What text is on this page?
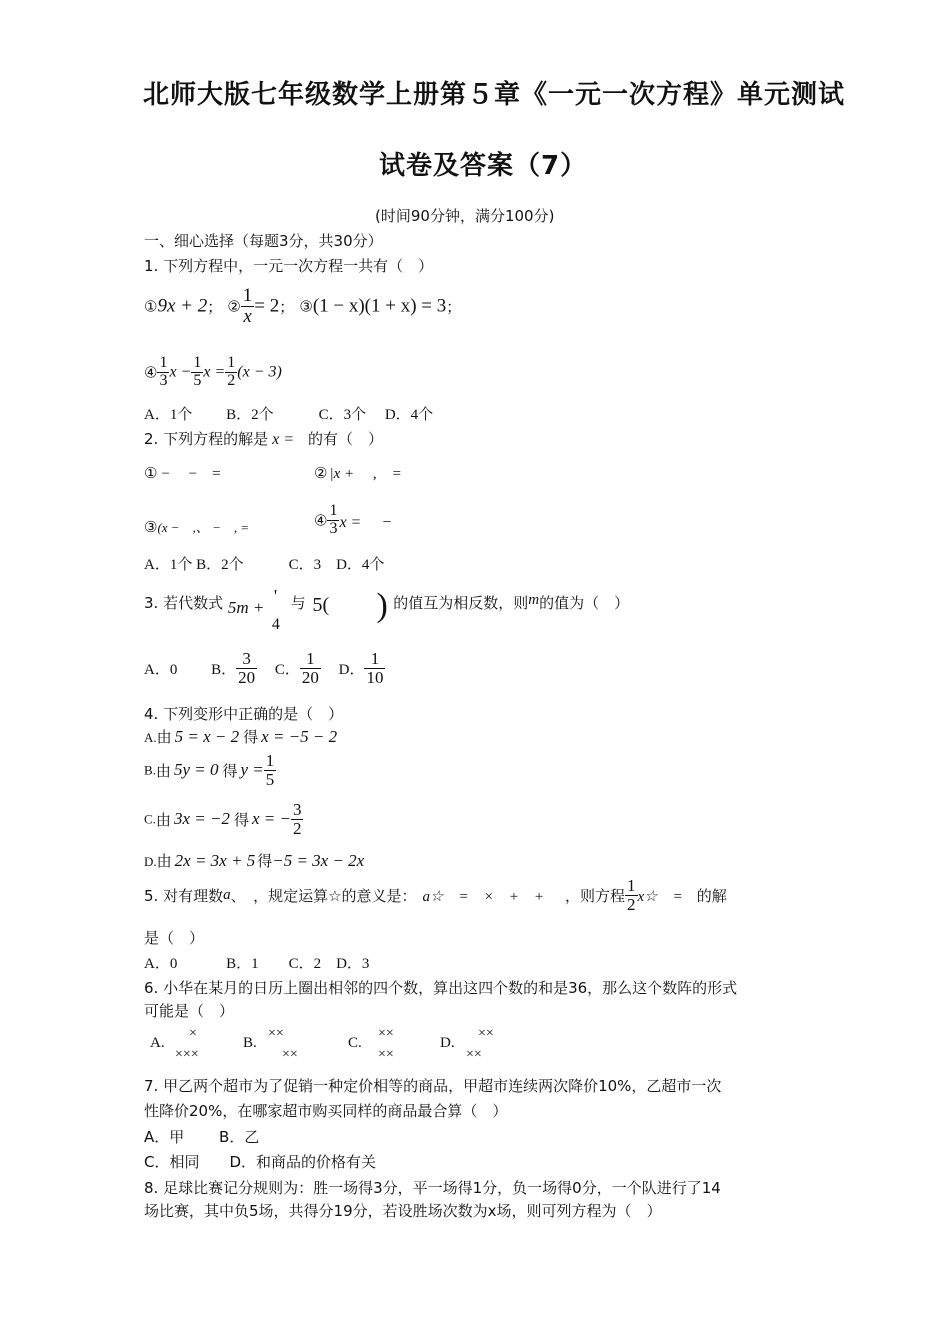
北师大版七年级数学上册第５章《一元一次方程》单元测试
试卷及答案（7）
(时间90分钟，满分100分)
一、细心选择（每题3分，共30分）
1. 下列方程中，一元一次方程一共有（　）
①9x + 2； ② $\frac{1}{x} = 2$； ③(1 − x)(1 + x) = 3；
④ $\frac{1}{3}$ $x - \frac{1}{5}$ $x = \frac{1}{2} (x - 3)$
A．1个　　 B．2个　　　C．3个　 D．4个
2. 下列方程的解是 x = 的有（　）
① −　 −　=	② |x +　 ,　=
③(x −　,、 −　, =	④ $\frac{1}{3}$ x =　 −
A．1个 B．2个　　　C．3　D．4个
3. 若代数式 5m +
'
4
与 5( ) 的值互为相反数，则m的值为（　）
A．0 B． $\frac{3}{20}$ C． $\frac{1}{20}$ D． $\frac{1}{10}$
4. 下列变形中正确的是（　）
A.由 5 = x − 2 得 x = −5 − 2
B.由 5y = 0 得 $y = \frac{1}{5}$
C.由 3x = −2 得 x = − $\frac{3}{2}$
D.由 2x = 3x + 5 得−5 = 3x − 2x
5. 对有理数a、　，规定运算☆的意义是： a☆　=　×　+　+　，则方程 $\frac{1}{2}$ x☆　= 的解
是（　）
A．0　　　 B．1　　C．2　D．3
6. 小华在某月的日历上圈出相邻的四个数，算出这四个数的和是36，那么这个数阵的形式
可能是（　）
A.
×
×××
B.
××
××
C.
××
××
D.
××
××
7. 甲乙两个超市为了促销一种定价相等的商品，甲超市连续两次降价10%，乙超市一次
性降价20%，在哪家超市购买同样的商品最合算（　）
A．甲　　 B．乙
C．相同　　D．和商品的价格有关
8. 足球比赛记分规则为：胜一场得3分，平一场得1分，负一场得0分，一个队进行了14
场比赛，其中负5场，共得分19分，若设胜场次数为x场，则可列方程为（　）
